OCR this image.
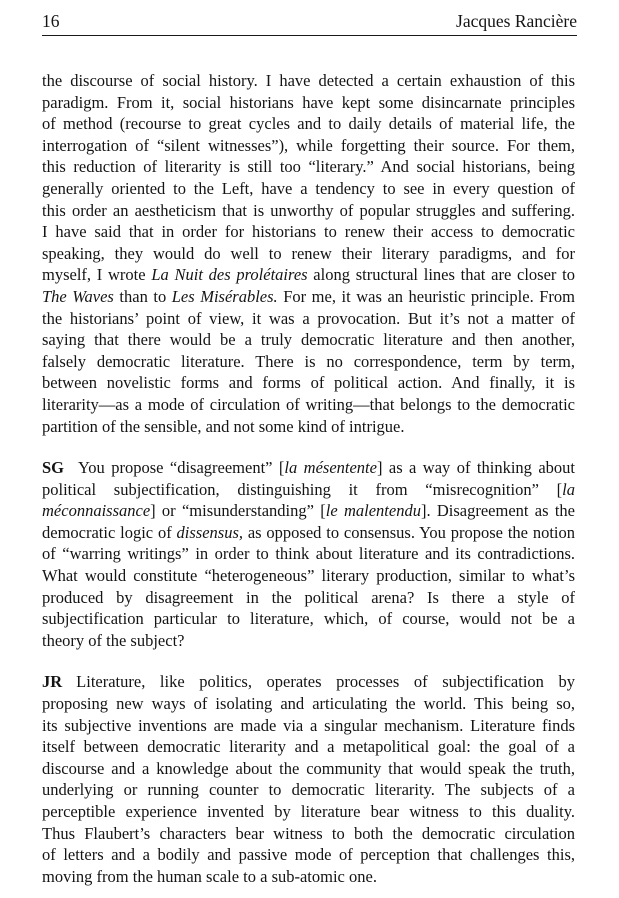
16	Jacques Rancière
the discourse of social history. I have detected a certain exhaustion of this
paradigm. From it, social historians have kept some disincarnate principles
of method (recourse to great cycles and to daily details of material life, the
interrogation of “silent witnesses”), while forgetting their source. For them,
this reduction of literarity is still too “literary.” And social historians, being
generally oriented to the Left, have a tendency to see in every question of
this order an aestheticism that is unworthy of popular struggles and suffering.
I have said that in order for historians to renew their access to democratic
speaking, they would do well to renew their literary paradigms, and for
myself, I wrote La Nuit des prolétaires along structural lines that are closer to
The Waves than to Les Misérables. For me, it was an heuristic principle. From
the historians’ point of view, it was a provocation. But it’s not a matter of
saying that there would be a truly democratic literature and then another,
falsely democratic literature. There is no correspondence, term by term,
between novelistic forms and forms of political action. And finally, it is
literarity—as a mode of circulation of writing—that belongs to the democratic
partition of the sensible, and not some kind of intrigue.
SG You propose “disagreement” [la mésentente] as a way of thinking about
political subjectification, distinguishing it from “misrecognition” [la
méconnaissance] or “misunderstanding” [le malentendu]. Disagreement as the
democratic logic of dissensus, as opposed to consensus. You propose the notion
of “warring writings” in order to think about literature and its contradictions.
What would constitute “heterogeneous” literary production, similar to what’s
produced by disagreement in the political arena? Is there a style of
subjectification particular to literature, which, of course, would not be a
theory of the subject?
JR Literature, like politics, operates processes of subjectification by
proposing new ways of isolating and articulating the world. This being so,
its subjective inventions are made via a singular mechanism. Literature finds
itself between democratic literarity and a metapolitical goal: the goal of a
discourse and a knowledge about the community that would speak the truth,
underlying or running counter to democratic literarity. The subjects of a
perceptible experience invented by literature bear witness to this duality.
Thus Flaubert’s characters bear witness to both the democratic circulation
of letters and a bodily and passive mode of perception that challenges this,
moving from the human scale to a sub-atomic one.
